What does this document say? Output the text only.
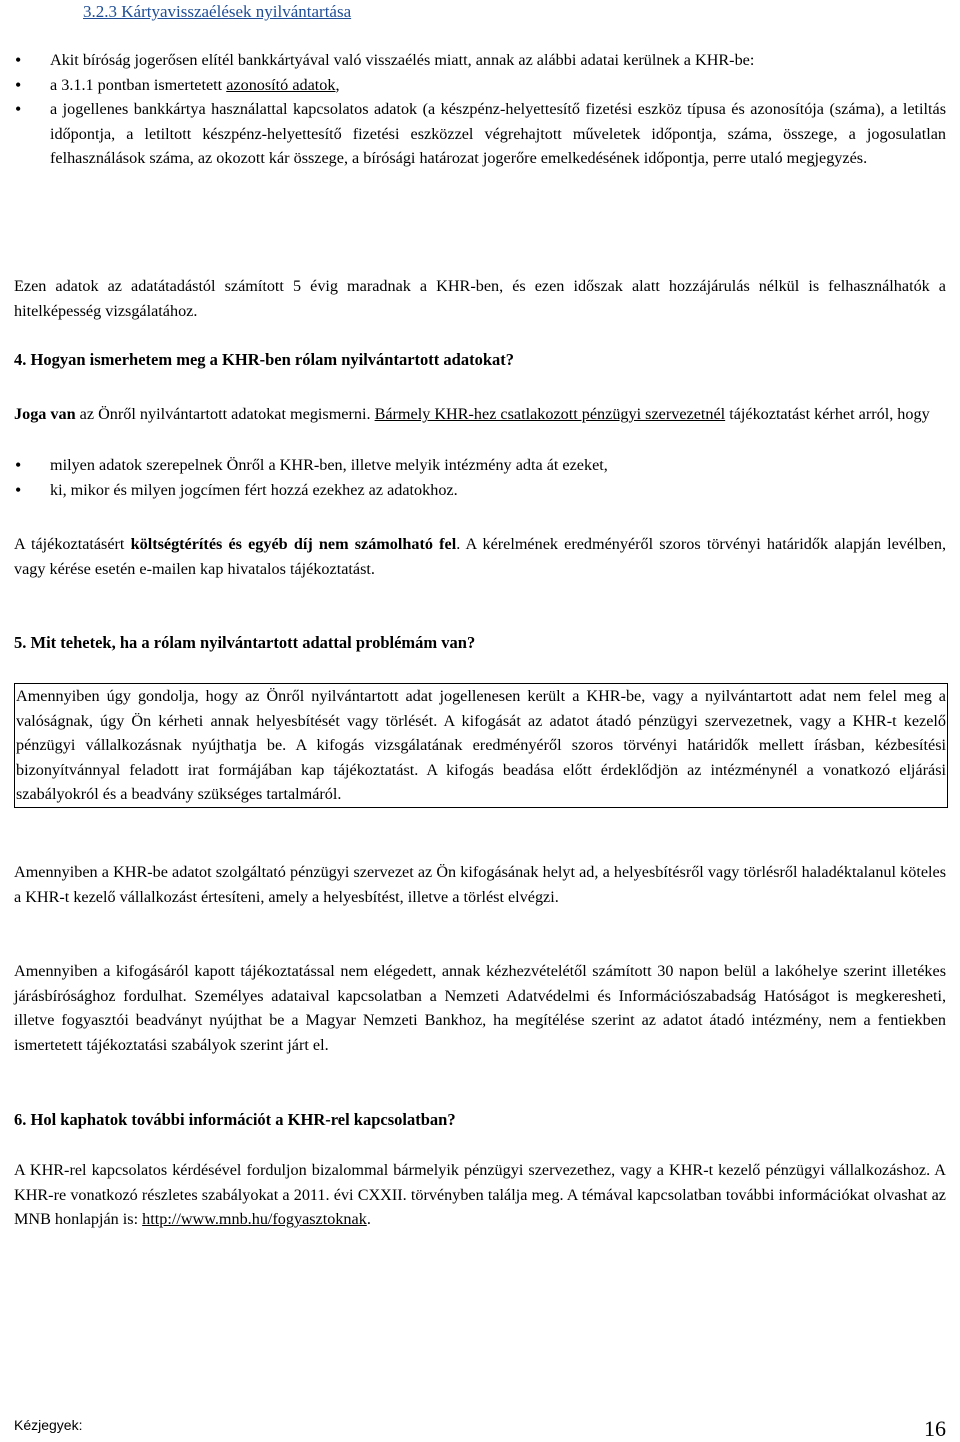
3.2.3 Kártyavisszaélések nyilvántartása

• Akit bíróság jogerősen elítél bankkártyával való visszaélés miatt, annak az alábbi adatai kerülnek a KHR-be:
• a 3.1.1 pontban ismertetett azonosító adatok,
• a jogellenes bankkártya használattal kapcsolatos adatok (a készpénz-helyettesítő fizetési eszköz típusa és azonosítója (száma), a letiltás időpontja, a letiltott készpénz-helyettesítő fizetési eszközzel végrehajtott műveletek időpontja, száma, összege, a jogosulatlan felhasználások száma, az okozott kár összege, a bírósági határozat jogerőre emelkedésének időpontja, perre utaló megjegyzés.

Ezen adatok az adatátadástól számított 5 évig maradnak a KHR-ben, és ezen időszak alatt hozzájárulás nélkül is felhasználhatók a hitelképesség vizsgálatához.

4. Hogyan ismerhetem meg a KHR-ben rólam nyilvántartott adatokat?

Joga van az Önről nyilvántartott adatokat megismerni. Bármely KHR-hez csatlakozott pénzügyi szervezetnél tájékoztatást kérhet arról, hogy

• milyen adatok szerepelnek Önről a KHR-ben, illetve melyik intézmény adta át ezeket,
• ki, mikor és milyen jogcímen fért hozzá ezekhez az adatokhoz.

A tájékoztatásért költségtérítés és egyéb díj nem számolható fel. A kérelmének eredményéről szoros törvényi határidők alapján levélben, vagy kérése esetén e-mailen kap hivatalos tájékoztatást.

5. Mit tehetek, ha a rólam nyilvántartott adattal problémám van?

Amennyiben úgy gondolja, hogy az Önről nyilvántartott adat jogellenesen került a KHR-be, vagy a nyilvántartott adat nem felel meg a valóságnak, úgy Ön kérheti annak helyesbítését vagy törlését. A kifogását az adatot átadó pénzügyi szervezetnek, vagy a KHR-t kezelő pénzügyi vállalkozásnak nyújthatja be. A kifogás vizsgálatának eredményéről szoros törvényi határidők mellett írásban, kézbesítési bizonyítvánnyal feladott irat formájában kap tájékoztatást. A kifogás beadása előtt érdeklődjön az intézménynél a vonatkozó eljárási szabályokról és a beadvány szükséges tartalmáról.

Amennyiben a KHR-be adatot szolgáltató pénzügyi szervezet az Ön kifogásának helyt ad, a helyesbítésről vagy törlésről haladéktalanul köteles a KHR-t kezelő vállalkozást értesíteni, amely a helyesbítést, illetve a törlést elvégzi.

Amennyiben a kifogásáról kapott tájékoztatással nem elégedett, annak kézhezvételétől számított 30 napon belül a lakóhelye szerint illetékes járásbírósághoz fordulhat. Személyes adataival kapcsolatban a Nemzeti Adatvédelmi és Információszabadság Hatóságot is megkeresheti, illetve fogyasztói beadványt nyújthat be a Magyar Nemzeti Bankhoz, ha megítélése szerint az adatot átadó intézmény, nem a fentiekben ismertetett tájékoztatási szabályok szerint járt el.

6. Hol kaphatok további információt a KHR-rel kapcsolatban?

A KHR-rel kapcsolatos kérdésével forduljon bizalommal bármelyik pénzügyi szervezethez, vagy a KHR-t kezelő pénzügyi vállalkozáshoz. A KHR-re vonatkozó részletes szabályokat a 2011. évi CXXII. törvényben találja meg. A témával kapcsolatban további információkat olvashat az MNB honlapján is: http://www.mnb.hu/fogyasztoknak.

Kézjegyek:	16
